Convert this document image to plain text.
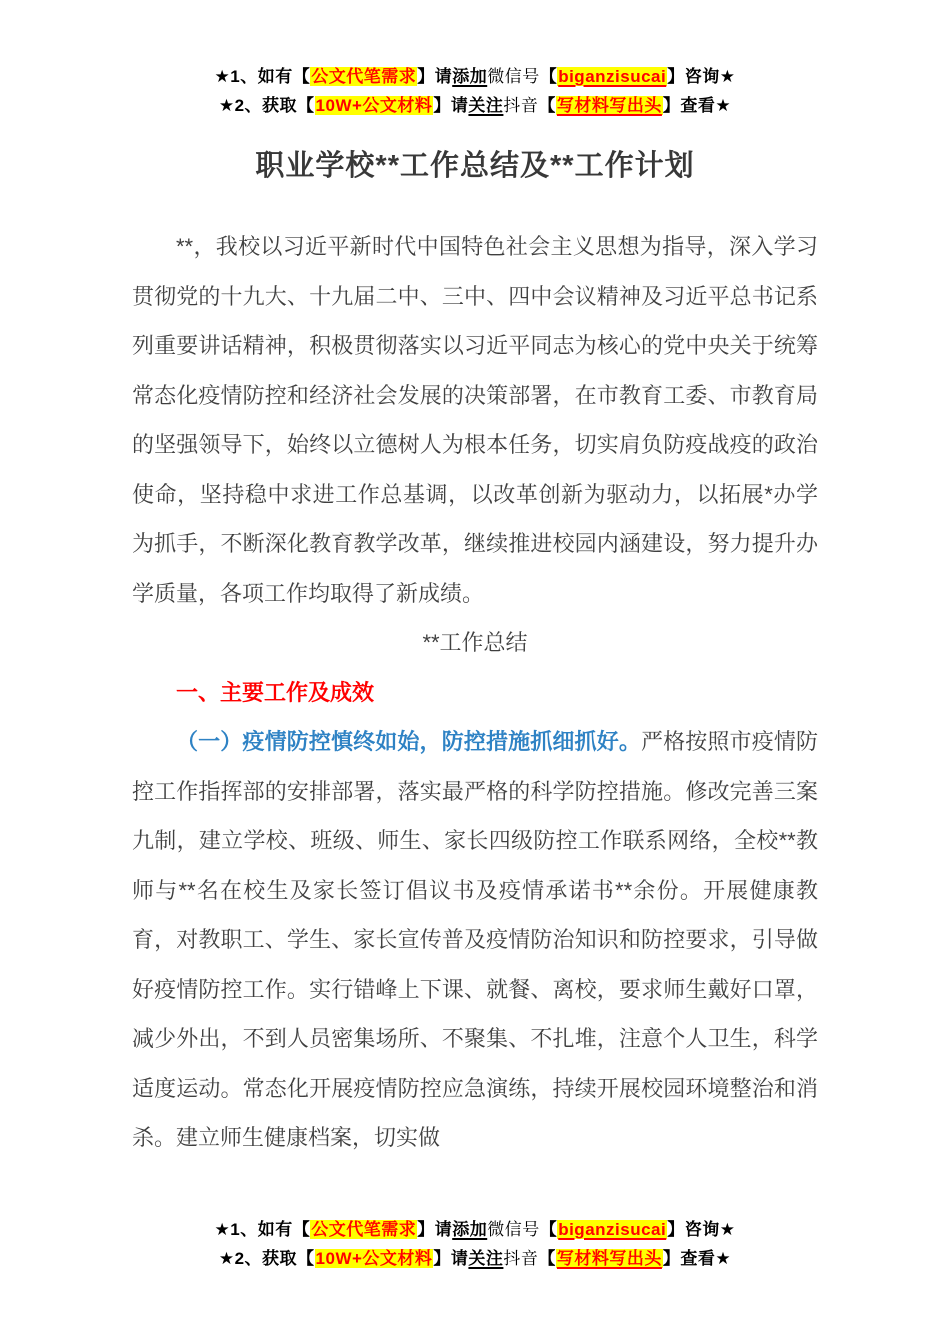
★1、如有【公文代笔需求】请添加微信号【biganzisucai】咨询★
★2、获取【10W+公文材料】请关注抖音【写材料写出头】查看★
职业学校**工作总结及**工作计划

**，我校以习近平新时代中国特色社会主义思想为指导，深入学习贯彻党的十九大、十九届二中、三中、四中会议精神及习近平总书记系列重要讲话精神，积极贯彻落实以习近平同志为核心的党中央关于统筹常态化疫情防控和经济社会发展的决策部署，在市教育工委、市教育局的坚强领导下，始终以立德树人为根本任务，切实肩负防疫战疫的政治使命，坚持稳中求进工作总基调，以改革创新为驱动力，以拓展*办学为抓手，不断深化教育教学改革，继续推进校园内涵建设，努力提升办学质量，各项工作均取得了新成绩。

**工作总结

一、主要工作及成效

（一）疫情防控慎终如始，防控措施抓细抓好。严格按照市疫情防控工作指挥部的安排部署，落实最严格的科学防控措施。修改完善三案九制，建立学校、班级、师生、家长四级防控工作联系网络，全校**教师与**名在校生及家长签订倡议书及疫情承诺书**余份。开展健康教育，对教职工、学生、家长宣传普及疫情防治知识和防控要求，引导做好疫情防控工作。实行错峰上下课、就餐、离校，要求师生戴好口罩，减少外出，不到人员密集场所、不聚集、不扎堆，注意个人卫生，科学适度运动。常态化开展疫情防控应急演练，持续开展校园环境整治和消杀。建立师生健康档案，切实做

★1、如有【公文代笔需求】请添加微信号【biganzisucai】咨询★
★2、获取【10W+公文材料】请关注抖音【写材料写出头】查看★
